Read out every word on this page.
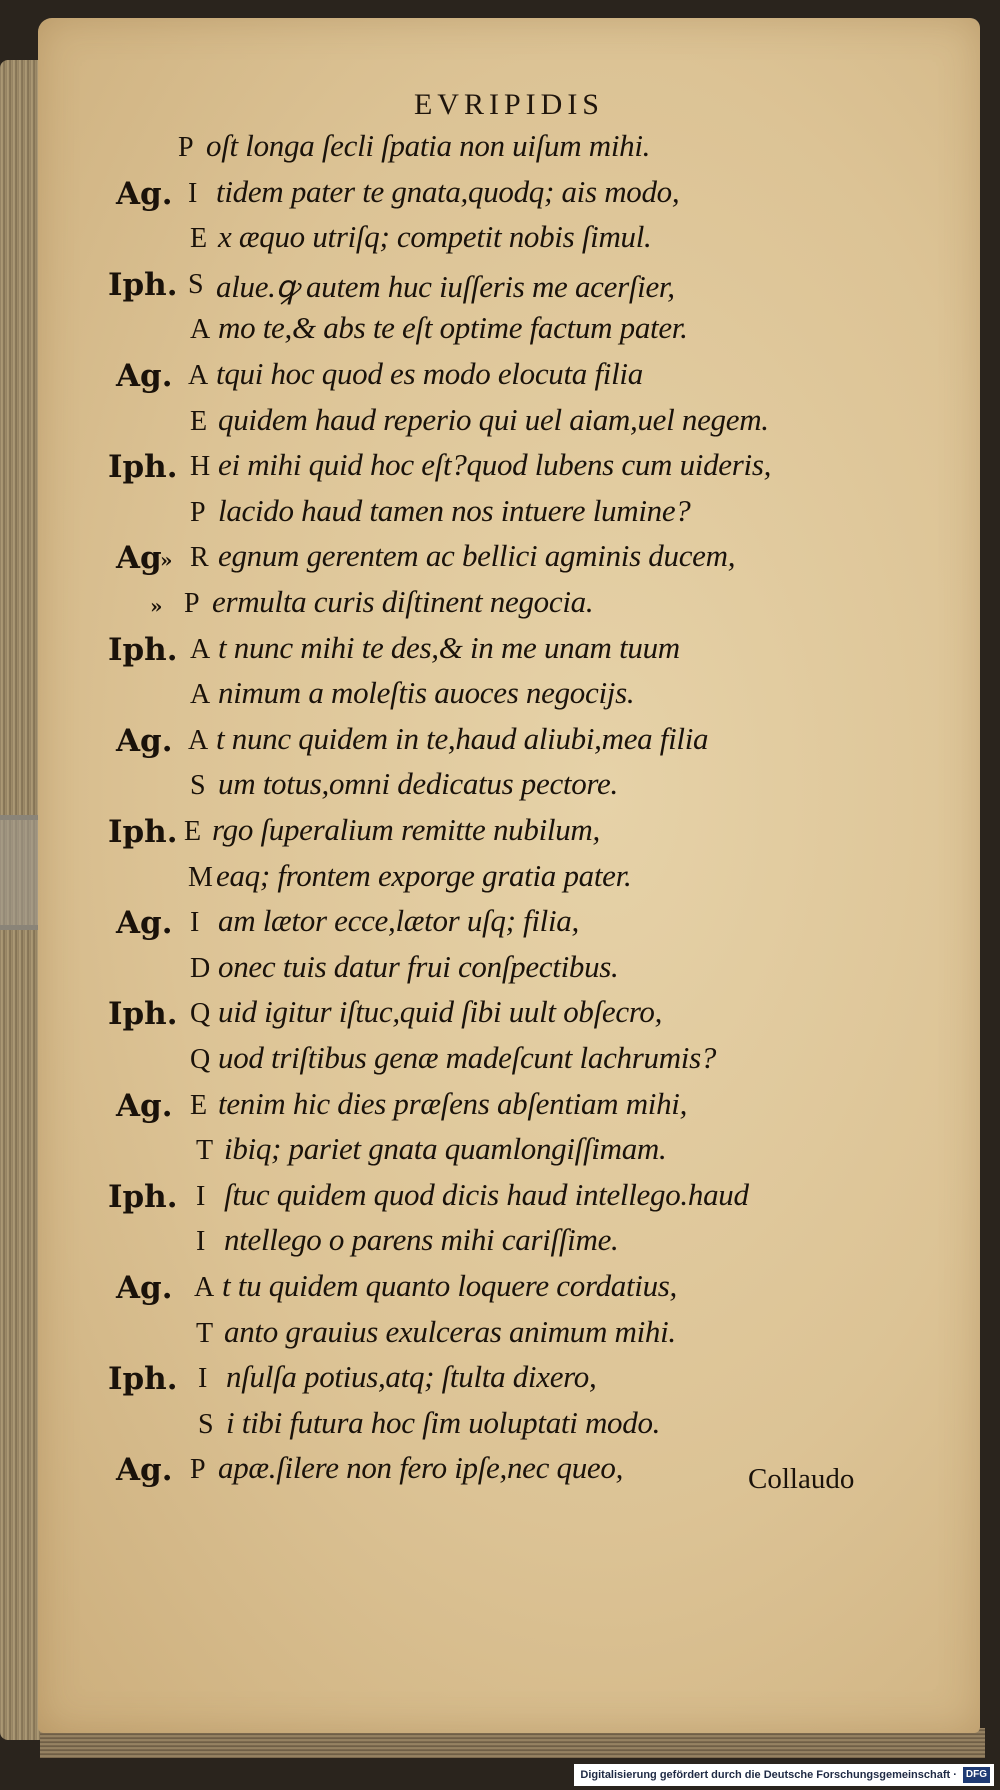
EVRIPIDIS
P oſt longa ſecli ſpatia non uiſum mihi.
Ag. I tidem pater te gnata,quodq; ais modo,
E x æquo utriſq; competit nobis ſimul.
Iph. S alue.ꝙ autem huc iuſſeris me acerſier,
A mo te,& abs te eſt optime factum pater.
Ag. A tqui hoc quod es modo elocuta filia
E quidem haud reperio qui uel aiam,uel negem.
Iph. H ei mihi quid hoc eſt?quod lubens cum uideris,
P lacido haud tamen nos intuere lumine?
Ag
» R egnum gerentem ac bellici agminis ducem,
» P ermulta curis diſtinent negocia.
Iph. A t nunc mihi te des,& in me unam tuum
A nimum a moleſtis auoces negocijs.
Ag. A t nunc quidem in te,haud aliubi,mea filia
S um totus,omni dedicatus pectore.
Iph. E rgo ſuperalium remitte nubilum,
M eaq; frontem exporge gratia pater.
Ag. I am lætor ecce,lætor uſq; filia,
D onec tuis datur frui conſpectibus.
Iph. Q uid igitur iſtuc,quid ſibi uult obſecro,
Q uod triſtibus genæ madeſcunt lachrumis?
Ag. E tenim hic dies præſens abſentiam mihi,
T ibiq; pariet gnata quamlongiſſimam.
Iph. I ſtuc quidem quod dicis haud intellego.haud
I ntellego o parens mihi cariſſime.
Ag. A t tu quidem quanto loquere cordatius,
T anto grauius exulceras animum mihi.
Iph. I nſulſa potius,atq; ſtulta dixero,
S i tibi futura hoc ſim uoluptati modo.
Ag. P apæ.ſilere non fero ipſe,nec queo,	Collaudo
Digitalisierung gefördert durch die Deutsche Forschungsgemeinschaft · DFG
